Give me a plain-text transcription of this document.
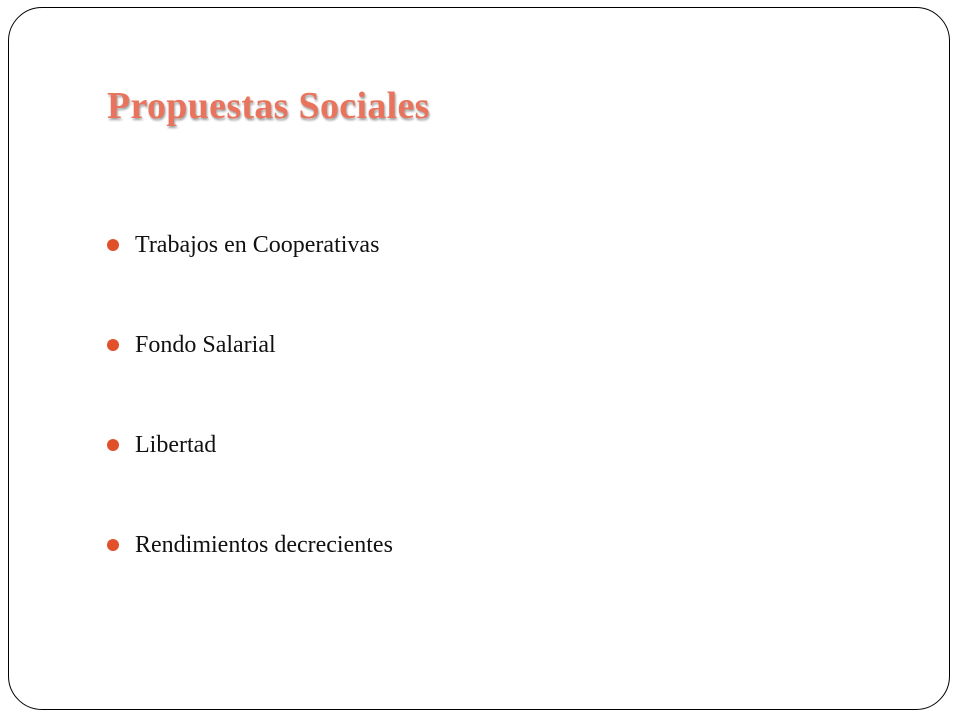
Propuestas Sociales
Trabajos en Cooperativas
Fondo Salarial
Libertad
Rendimientos decrecientes
